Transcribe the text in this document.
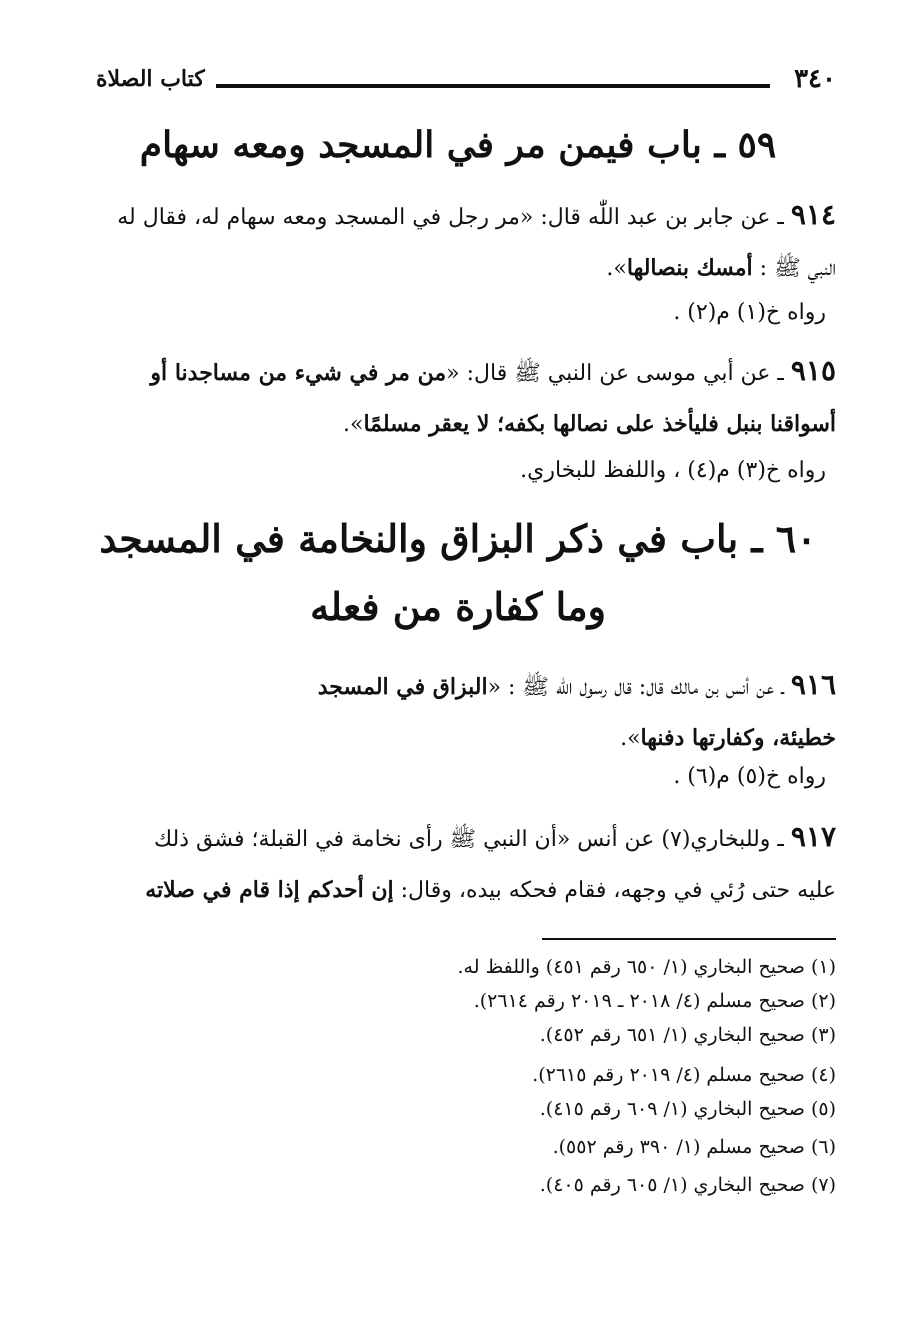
٣٤٠
كتاب الصلاة
٥٩ ـ باب فيمن مر في المسجد ومعه سهام
٩١٤ ـ عن جابر بن عبد اللّٰه قال: «مر رجل في المسجد ومعه سهام له، فقال له
النبي ﷺ : أمسك بنصالها».
رواه خ(١) م(٢) .
٩١٥ ـ عن أبي موسى عن النبي ﷺ قال: «من مر في شيء من مساجدنا أو
أسواقنا بنبل فليأخذ على نصالها بكفه؛ لا يعقر مسلمًا».
رواه خ(٣) م(٤) ، واللفظ للبخاري.
٦٠ ـ باب في ذكر البزاق والنخامة في المسجد
وما كفارة من فعله
٩١٦ ـ عن أنس بن مالك قال: قال رسول اللّٰه ﷺ : «البزاق في المسجد
خطيئة، وكفارتها دفنها».
رواه خ(٥) م(٦) .
٩١٧ ـ وللبخاري(٧) عن أنس «أن النبي ﷺ رأى نخامة في القبلة؛ فشق ذلك
عليه حتى رُئي في وجهه، فقام فحكه بيده، وقال: إن أحدكم إذا قام في صلاته
(١) صحيح البخاري (١/ ٦٥٠ رقم ٤٥١) واللفظ له.
(٢) صحيح مسلم (٤/ ٢٠١٨ ـ ٢٠١٩ رقم ٢٦١٤).
(٣) صحيح البخاري (١/ ٦٥١ رقم ٤٥٢).
(٤) صحيح مسلم (٤/ ٢٠١٩ رقم ٢٦١٥).
(٥) صحيح البخاري (١/ ٦٠٩ رقم ٤١٥).
(٦) صحيح مسلم (١/ ٣٩٠ رقم ٥٥٢).
(٧) صحيح البخاري (١/ ٦٠٥ رقم ٤٠٥).
